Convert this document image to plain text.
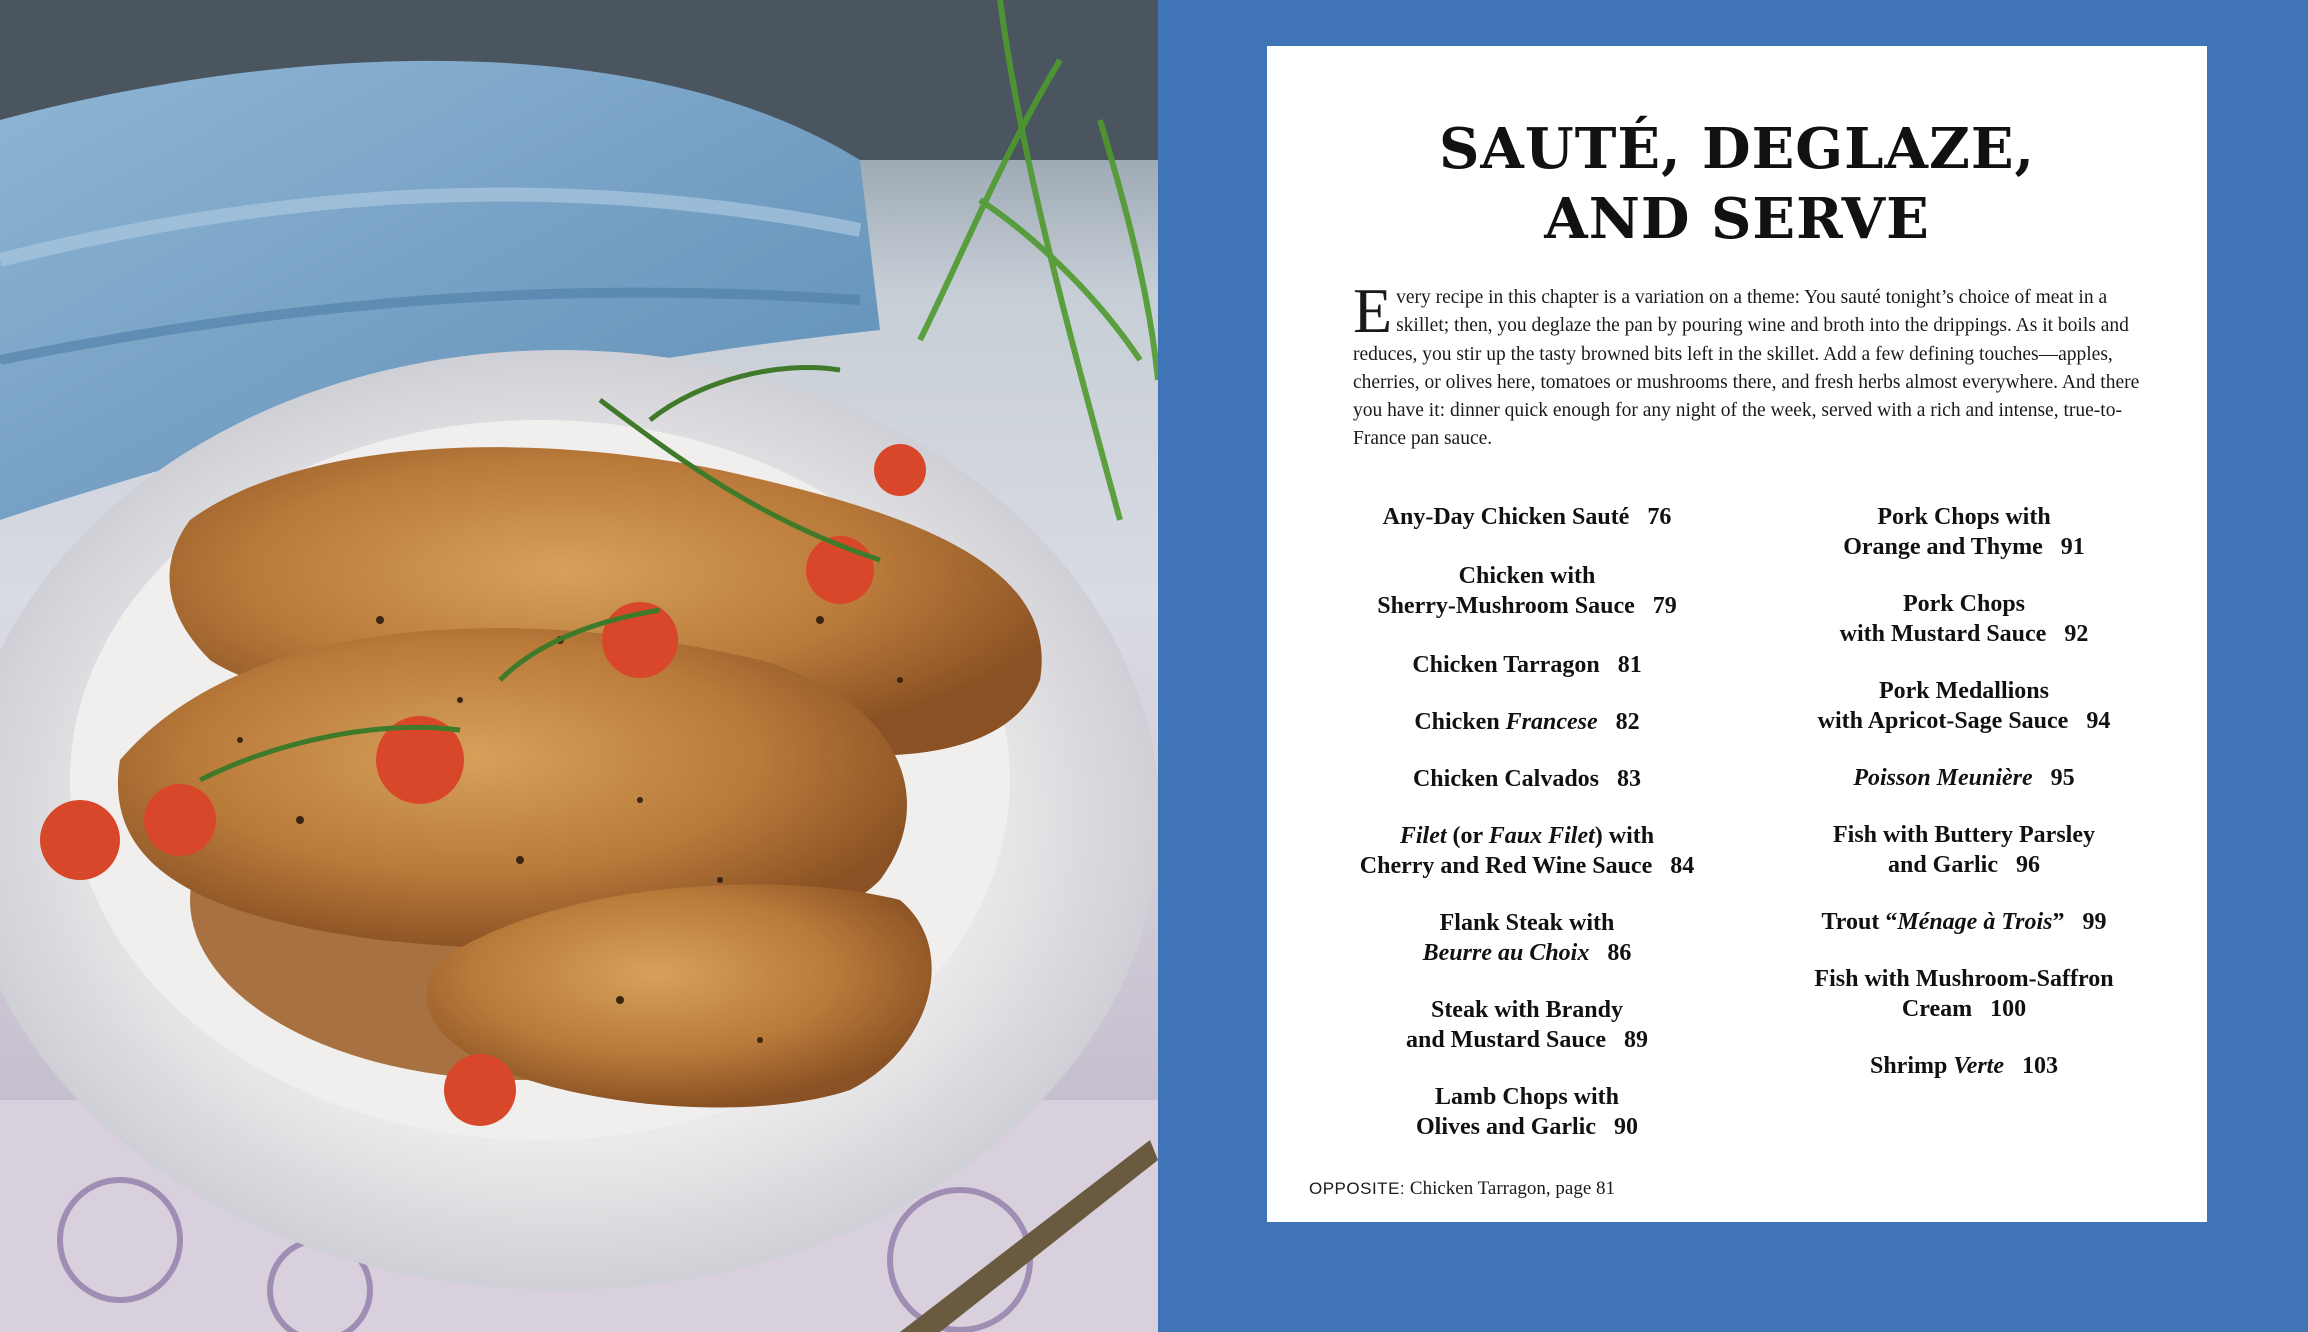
SAUTÉ, DEGLAZE,
AND SERVE

Every recipe in this chapter is a variation on a theme: You sauté tonight’s choice of meat in a skillet; then, you deglaze the pan by pouring wine and broth into the drippings. As it boils and reduces, you stir up the tasty browned bits left in the skillet. Add a few defining touches—apples, cherries, or olives here, tomatoes or mushrooms there, and fresh herbs almost everywhere. And there you have it: dinner quick enough for any night of the week, served with a rich and intense, true-to-France pan sauce.

Any-Day Chicken Sauté 76
Chicken with
Sherry-Mushroom Sauce 79
Chicken Tarragon 81
Chicken Francese 82
Chicken Calvados 83
Filet (or Faux Filet) with
Cherry and Red Wine Sauce 84
Flank Steak with
Beurre au Choix 86
Steak with Brandy
and Mustard Sauce 89
Lamb Chops with
Olives and Garlic 90
Pork Chops with
Orange and Thyme 91
Pork Chops
with Mustard Sauce 92
Pork Medallions
with Apricot-Sage Sauce 94
Poisson Meunière 95
Fish with Buttery Parsley
and Garlic 96
Trout “Ménage à Trois” 99
Fish with Mushroom-Saffron
Cream 100
Shrimp Verte 103
OPPOSITE: Chicken Tarragon, page 81
